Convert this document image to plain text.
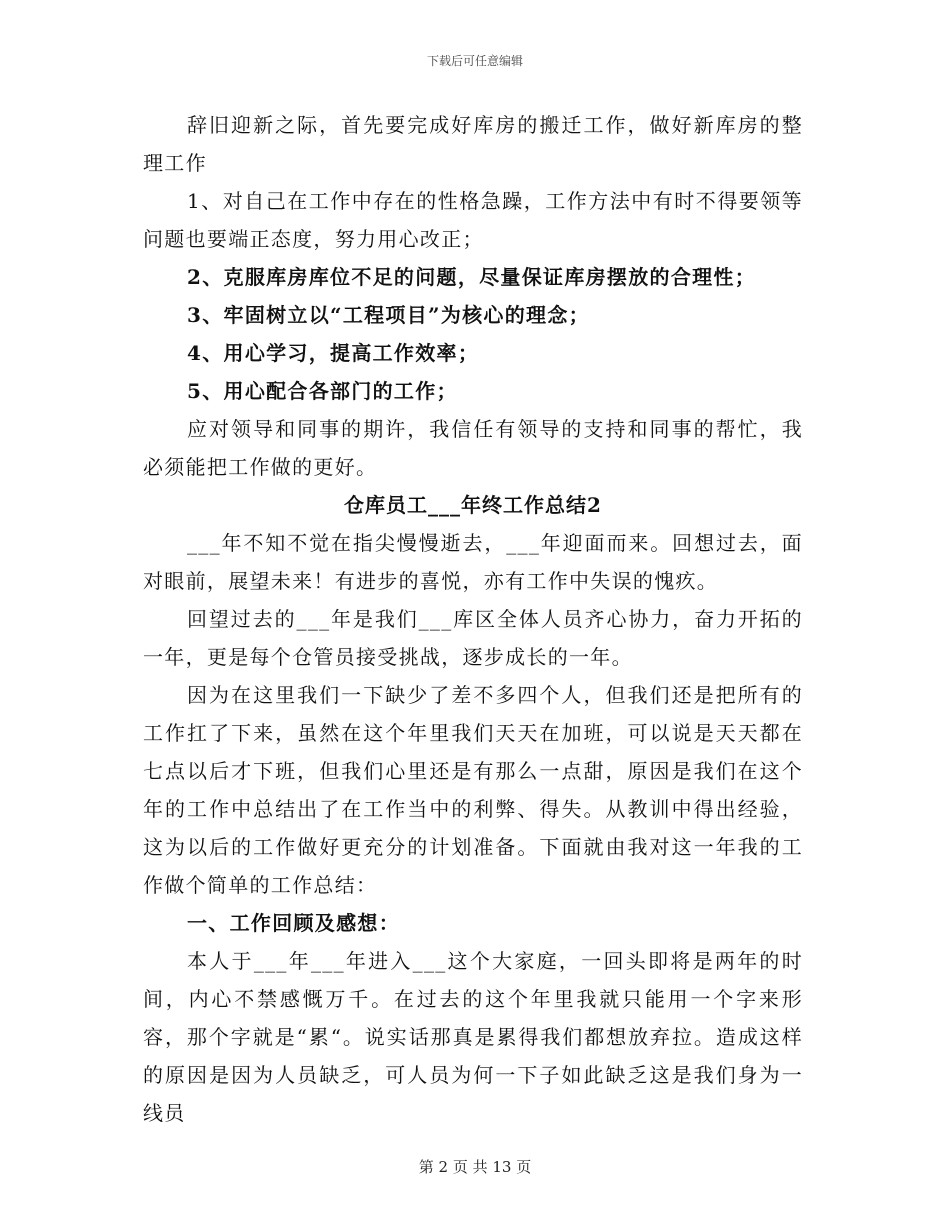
下载后可任意编辑

辞旧迎新之际，首先要完成好库房的搬迁工作，做好新库房的整理工作

1、对自己在工作中存在的性格急躁，工作方法中有时不得要领等问题也要端正态度，努力用心改正；

2、克服库房库位不足的问题，尽量保证库房摆放的合理性；

3、牢固树立以“工程项目”为核心的理念；

4、用心学习，提高工作效率；

5、用心配合各部门的工作；

应对领导和同事的期许，我信任有领导的支持和同事的帮忙，我必须能把工作做的更好。

仓库员工___年终工作总结2

___年不知不觉在指尖慢慢逝去，___年迎面而来。回想过去，面对眼前，展望未来！有进步的喜悦，亦有工作中失误的愧疚。

回望过去的___年是我们___库区全体人员齐心协力，奋力开拓的一年，更是每个仓管员接受挑战，逐步成长的一年。

因为在这里我们一下缺少了差不多四个人，但我们还是把所有的工作扛了下来，虽然在这个年里我们天天在加班，可以说是天天都在七点以后才下班，但我们心里还是有那么一点甜，原因是我们在这个年的工作中总结出了在工作当中的利弊、得失。从教训中得出经验，这为以后的工作做好更充分的计划准备。下面就由我对这一年我的工作做个简单的工作总结：

一、工作回顾及感想：

本人于___年___年进入___这个大家庭，一回头即将是两年的时间，内心不禁感慨万千。在过去的这个年里我就只能用一个字来形容，那个字就是“累“。说实话那真是累得我们都想放弃拉。造成这样的原因是因为人员缺乏，可人员为何一下子如此缺乏这是我们身为一线员

第 2 页 共 13 页
